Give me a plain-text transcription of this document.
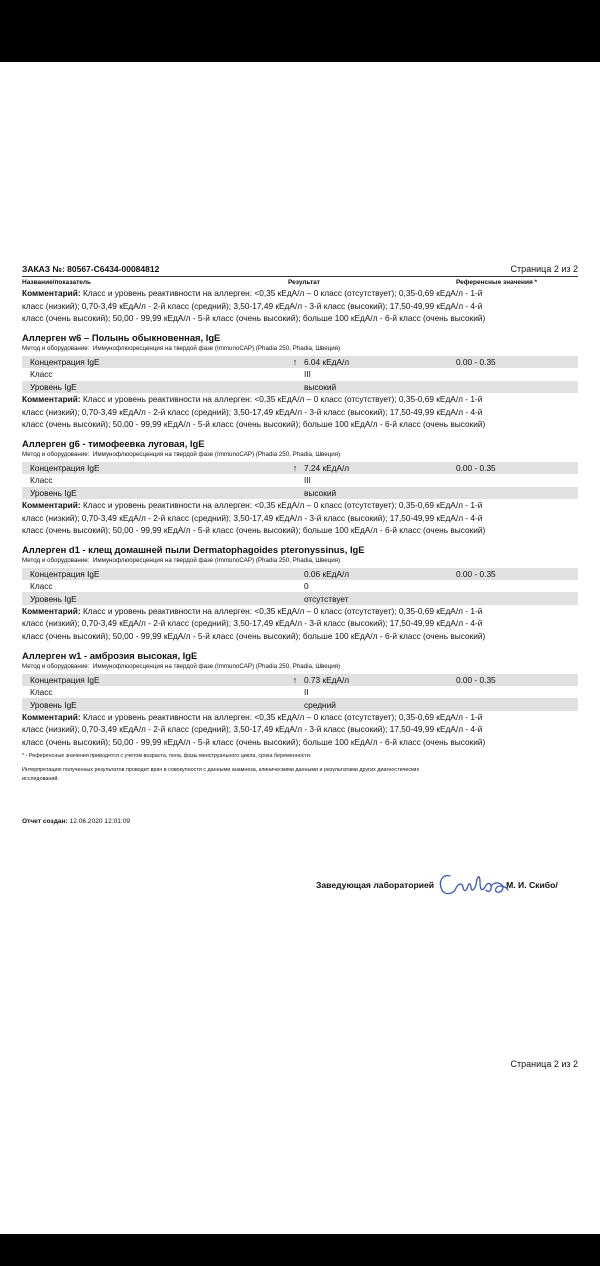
ЗАКАЗ №: 80567-С6434-00084812	Страница 2 из 2
Название/показатель	Результат	Референсные значения *
Комментарий: Класс и уровень реактивности на аллерген: <0,35 кЕдА/л – 0 класс (отсутствует); 0,35-0,69 кЕдА/л - 1-й
класс (низкий); 0,70-3,49 кЕдА/л - 2-й класс (средний); 3,50-17,49 кЕдА/л - 3-й класс (высокий); 17,50-49,99 кЕдА/л - 4-й
класс (очень высокий); 50,00 - 99,99 кЕдА/л - 5-й класс (очень высокий); больше 100 кЕдА/л - 6-й класс (очень высокий)
Аллерген w6 – Полынь обыкновенная, IgE
Метод и оборудование: Иммунофлюоресценция на твердой фазе (ImmunoCAP) (Phadia 250, Phadia, Швеция)
Концентрация IgE	↑ 6.04 кЕдА/л	0.00 - 0.35
Класс	III
Уровень IgE	высокий
Комментарий: Класс и уровень реактивности на аллерген: <0,35 кЕдА/л – 0 класс (отсутствует); 0,35-0,69 кЕдА/л - 1-й
класс (низкий); 0,70-3,49 кЕдА/л - 2-й класс (средний); 3,50-17,49 кЕдА/л - 3-й класс (высокий); 17,50-49,99 кЕдА/л - 4-й
класс (очень высокий); 50,00 - 99,99 кЕдА/л - 5-й класс (очень высокий); больше 100 кЕдА/л - 6-й класс (очень высокий)
Аллерген g6 - тимофеевка луговая, IgE
Метод и оборудование: Иммунофлюоресценция на твердой фазе (ImmunoCAP) (Phadia 250, Phadia, Швеция)
Концентрация IgE	↑ 7.24 кЕдА/л	0.00 - 0.35
Класс	III
Уровень IgE	высокий
Комментарий: Класс и уровень реактивности на аллерген: <0,35 кЕдА/л – 0 класс (отсутствует); 0,35-0,69 кЕдА/л - 1-й
класс (низкий); 0,70-3,49 кЕдА/л - 2-й класс (средний); 3,50-17,49 кЕдА/л - 3-й класс (высокий); 17,50-49,99 кЕдА/л - 4-й
класс (очень высокий); 50,00 - 99,99 кЕдА/л - 5-й класс (очень высокий); больше 100 кЕдА/л - 6-й класс (очень высокий)
Аллерген d1 - клещ домашней пыли Dermatophagoides pteronyssinus, IgE
Метод и оборудование: Иммунофлюоресценция на твердой фазе (ImmunoCAP) (Phadia 250, Phadia, Швеция)
Концентрация IgE	0.06 кЕдА/л	0.00 - 0.35
Класс	0
Уровень IgE	отсутствует
Комментарий: Класс и уровень реактивности на аллерген: <0,35 кЕдА/л – 0 класс (отсутствует); 0,35-0,69 кЕдА/л - 1-й
класс (низкий); 0,70-3,49 кЕдА/л - 2-й класс (средний); 3,50-17,49 кЕдА/л - 3-й класс (высокий); 17,50-49,99 кЕдА/л - 4-й
класс (очень высокий); 50,00 - 99,99 кЕдА/л - 5-й класс (очень высокий); больше 100 кЕдА/л - 6-й класс (очень высокий)
Аллерген w1 - амброзия высокая, IgE
Метод и оборудование: Иммунофлюоресценция на твердой фазе (ImmunoCAP) (Phadia 250, Phadia, Швеция)
Концентрация IgE	↑ 0.73 кЕдА/л	0.00 - 0.35
Класс	II
Уровень IgE	средний
Комментарий: Класс и уровень реактивности на аллерген: <0,35 кЕдА/л – 0 класс (отсутствует); 0,35-0,69 кЕдА/л - 1-й
класс (низкий); 0,70-3,49 кЕдА/л - 2-й класс (средний); 3,50-17,49 кЕдА/л - 3-й класс (высокий); 17,50-49,99 кЕдА/л - 4-й
класс (очень высокий); 50,00 - 99,99 кЕдА/л - 5-й класс (очень высокий); больше 100 кЕдА/л - 6-й класс (очень высокий)
* - Референсные значения приводятся с учетом возраста, пола, фазы менструального цикла, срока беременности.
Интерпретацию полученных результатов проводит врач в совокупности с данными анамнеза, клиническими данными и результатами других диагностических исследований.
Отчет создан: 12.06.2020 12:01:09
Заведующая лабораторией	М. И. Скибо/
Страница 2 из 2
